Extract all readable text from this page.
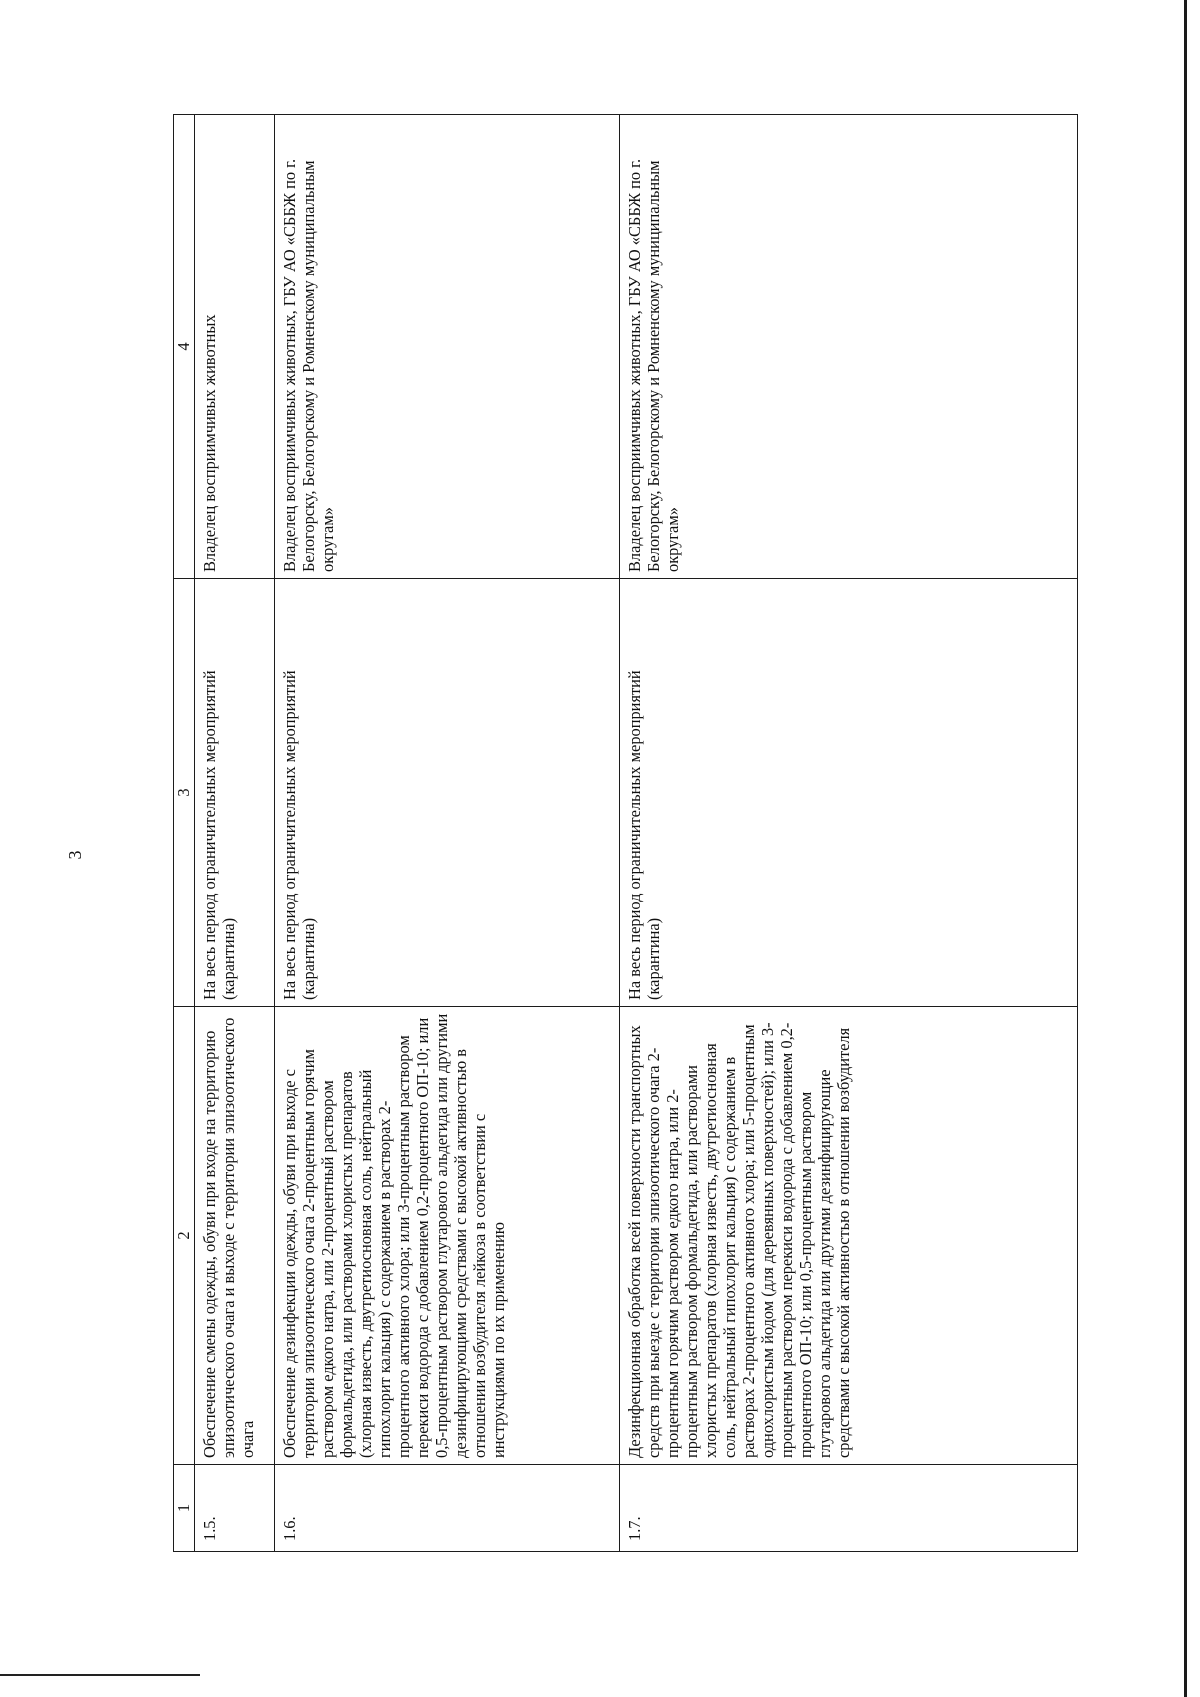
3
1	2	3	4
1.5.	Обеспечение смены одежды, обуви при входе на территорию эпизоотического очага и выходе с территории эпизоотического очага	На весь период ограничительных мероприятий (карантина)	Владелец восприимчивых животных
1.6.	Обеспечение дезинфекции одежды, обуви при выходе с территории эпизоотического очага 2-процентным горячим раствором едкого натра, или 2-процентный раствором формальдегида, или растворами хлористых препаратов (хлорная известь, двутретиосновная соль, нейтральный гипохлорит кальция) с содержанием в растворах 2-процентного активного хлора; или 3-процентным раствором перекиси водорода с добавлением 0,2-процентного ОП-10; или 0,5-процентным раствором глутарового альдегида или другими дезинфицирующими средствами с высокой активностью в отношении возбудителя лейкоза в соответствии с инструкциями по их применению	На весь период ограничительных мероприятий (карантина)	Владелец восприимчивых животных, ГБУ АО «СББЖ по г. Белогорску, Белогорскому и Ромненскому муниципальным округам»
1.7.	Дезинфекционная обработка всей поверхности транспортных средств при выезде с территории эпизоотического очага 2-процентным горячим раствором едкого натра, или 2-процентным раствором формальдегида, или растворами хлористых препаратов (хлорная известь, двутретиосновная соль, нейтральный гипохлорит кальция) с содержанием в растворах 2-процентного активного хлора; или 5-процентным однохлористым йодом (для деревянных поверхностей); или 3-процентным раствором перекиси водорода с добавлением 0,2-процентного ОП-10; или 0,5-процентным раствором глутарового альдегида или другими дезинфицирующие средствами с высокой активностью в отношении возбудителя	На весь период ограничительных мероприятий (карантина)	Владелец восприимчивых животных, ГБУ АО «СББЖ по г. Белогорску, Белогорскому и Ромненскому муниципальным округам»
